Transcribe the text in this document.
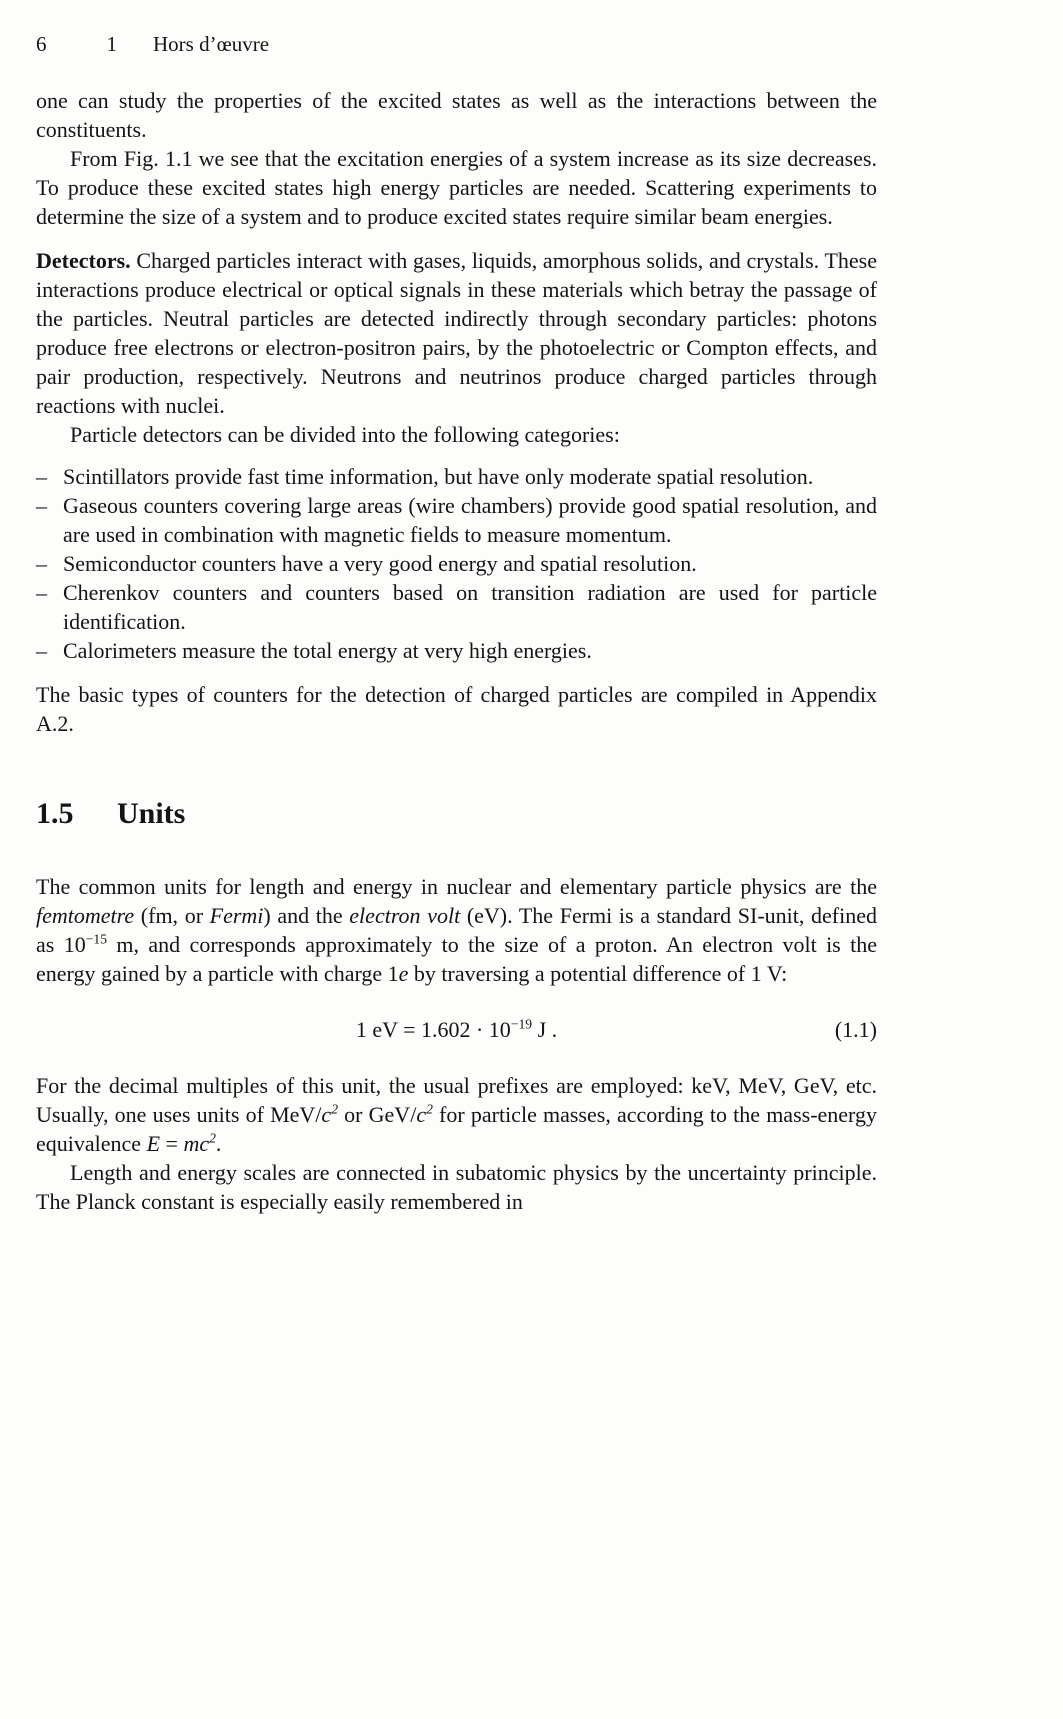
6	1 Hors d’œuvre

one can study the properties of the excited states as well as the interactions between the constituents.

From Fig. 1.1 we see that the excitation energies of a system increase as its size decreases. To produce these excited states high energy particles are needed. Scattering experiments to determine the size of a system and to produce excited states require similar beam energies.

Detectors. Charged particles interact with gases, liquids, amorphous solids, and crystals. These interactions produce electrical or optical signals in these materials which betray the passage of the particles. Neutral particles are detected indirectly through secondary particles: photons produce free electrons or electron-positron pairs, by the photoelectric or Compton effects, and pair production, respectively. Neutrons and neutrinos produce charged particles through reactions with nuclei.

Particle detectors can be divided into the following categories:

– Scintillators provide fast time information, but have only moderate spatial resolution.
– Gaseous counters covering large areas (wire chambers) provide good spatial resolution, and are used in combination with magnetic fields to measure momentum.
– Semiconductor counters have a very good energy and spatial resolution.
– Cherenkov counters and counters based on transition radiation are used for particle identification.
– Calorimeters measure the total energy at very high energies.

The basic types of counters for the detection of charged particles are compiled in Appendix A.2.

1.5 Units

The common units for length and energy in nuclear and elementary particle physics are the femtometre (fm, or Fermi) and the electron volt (eV). The Fermi is a standard SI-unit, defined as $10^{-15}$ m, and corresponds approximately to the size of a proton. An electron volt is the energy gained by a particle with charge 1e by traversing a potential difference of 1 V:

1 eV = $1.602 \cdot 10^{-19}$ J .	(1.1)

For the decimal multiples of this unit, the usual prefixes are employed: keV, MeV, GeV, etc. Usually, one uses units of MeV/$c^2$ or GeV/$c^2$ for particle masses, according to the mass-energy equivalence $E = mc^2$.

Length and energy scales are connected in subatomic physics by the uncertainty principle. The Planck constant is especially easily remembered in
